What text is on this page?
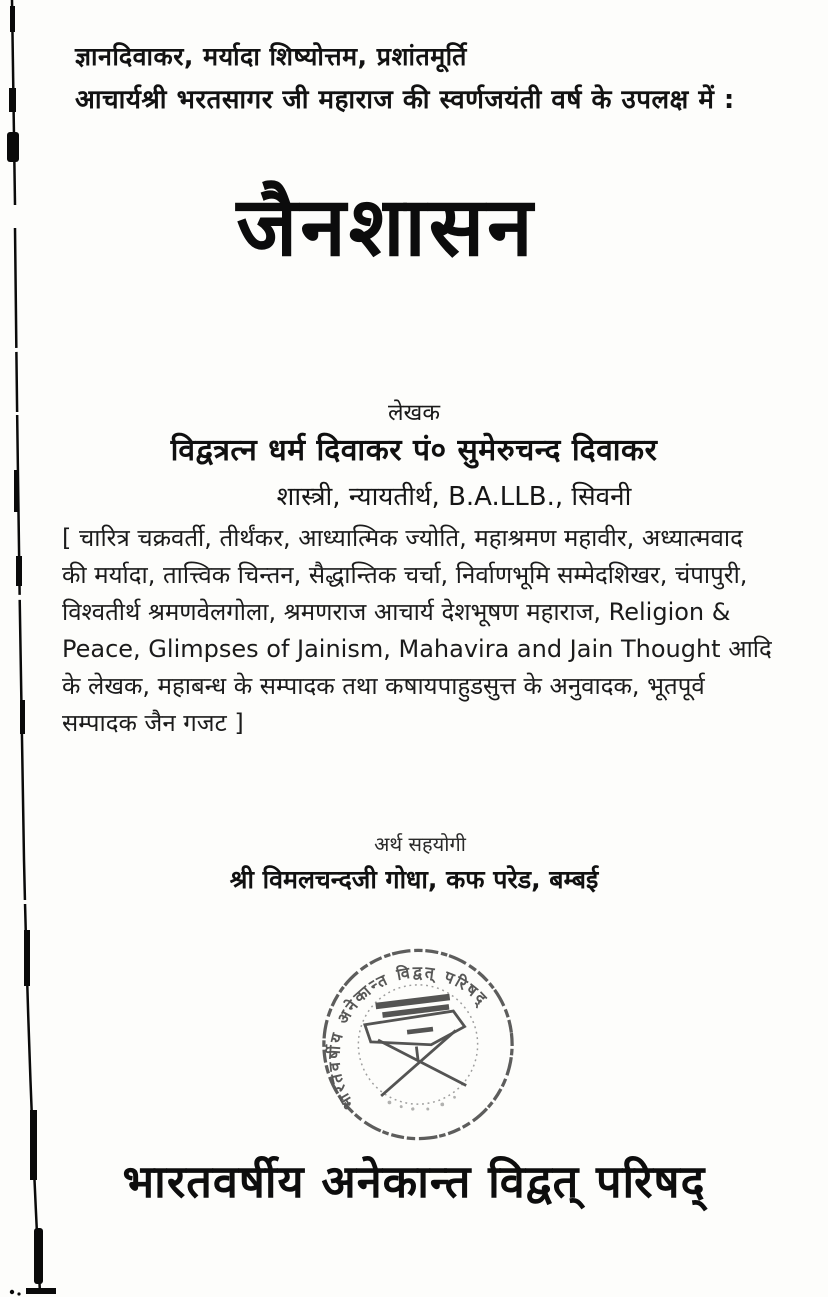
ज्ञानदिवाकर, मर्यादा शिष्योत्तम, प्रशांतमूर्ति
आचार्यश्री भरतसागर जी महाराज की स्वर्णजयंती वर्ष के उपलक्ष में :
जैनशासन
लेखक
विद्वत्रत्न धर्म दिवाकर पं० सुमेरुचन्द दिवाकर
शास्त्री, न्यायतीर्थ, B.A.LLB., सिवनी
[ चारित्र चक्रवर्ती, तीर्थंकर, आध्यात्मिक ज्योति, महाश्रमण महावीर, अध्यात्मवाद
की मर्यादा, तात्त्विक चिन्तन, सैद्धान्तिक चर्चा, निर्वाणभूमि सम्मेदशिखर, चंपापुरी,
विश्वतीर्थ श्रमणवेलगोला, श्रमणराज आचार्य देशभूषण महाराज, Religion &
Peace, Glimpses of Jainism, Mahavira and Jain Thought आदि
के लेखक, महाबन्ध के सम्पादक तथा कषायपाहुडसुत्त के अनुवादक, भूतपूर्व
सम्पादक जैन गजट ]
अर्थ सहयोगी
श्री विमलचन्दजी गोधा, कफ परेड, बम्बई
भारतवर्षीय अनेकान्त विद्वत् परिषद्
भारतवर्षीय अनेकान्त विद्वत् परिषद्
